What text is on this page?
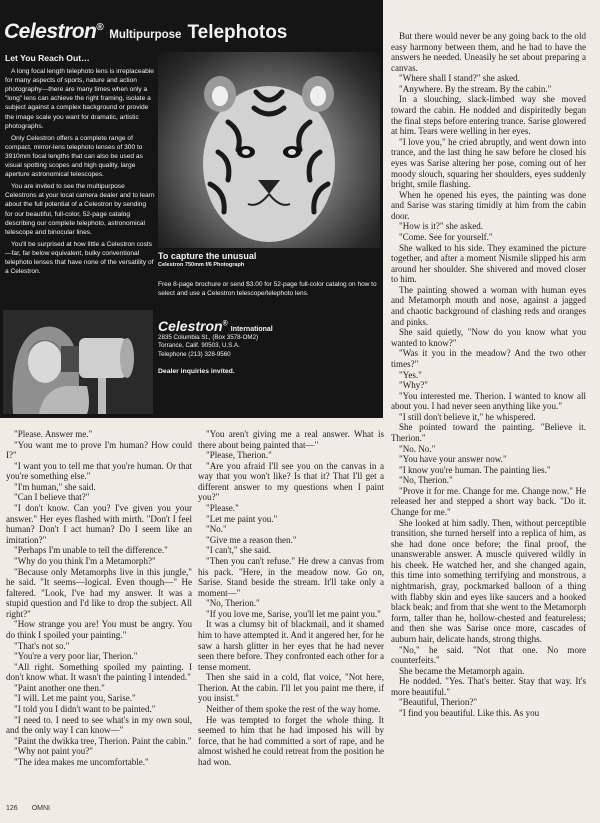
Celestron®Multipurpose Telephotos
Let You Reach Out…

A long focal length telephoto lens is irreplaceable for many aspects of sports, nature and action photography—there are many times when only a "long" lens can achieve the right framing, isolate a subject against a complex background or provide the image scale you want for dramatic, artistic photographs.

Only Celestron offers a complete range of compact, mirror-lens telephoto lenses of 300 to 3910mm focal lengths that can also be used as visual spotting scopes and high quality, large aperture astronomical telescopes.

You are invited to see the multipurpose Celestrons at your local camera dealer and to learn about the full potential of a Celestron by sending for our beautiful, full-color, 52-page catalog describing our complete telephoto, astronomical telescope and binocular lines.

You'll be surprised at how little a Celestron costs—far, far below equivalent, bulky conventional telephoto lenses that have none of the versatility of a Celestron.

To capture the unusual
Celestron 750mm f/6 Photograph
Free 8-page brochure or send $3.00 for 52-page full-color catalog on how to select and use a Celestron telescope/telephoto lens.
Celestron®International
2835 Columbia St., (Box 3578-OM2)
Torrance, Calif. 90503, U.S.A.
Telephone (213) 328-9560
Dealer inquiries invited.

But there would never be any going back to the old easy harmony between them, and he had to have the answers he needed. Uneasily he set about preparing a canvas.

"Where shall I stand?" she asked.

"Anywhere. By the stream. By the cabin."

In a slouching, slack-limbed way she moved toward the cabin. He nodded and dispiritedly began the final steps before entering trance. Sarise glowered at him. Tears were welling in her eyes.

"I love you," he cried abruptly, and went down into trance, and the last thing he saw before he closed his eyes was Sarise altering her pose, coming out of her moody slouch, squaring her shoulders, eyes suddenly bright, smile flashing.

When he opened his eyes, the painting was done and Sarise was staring timidly at him from the cabin door.

"How is it?" she asked.

"Come. See for yourself."

She walked to his side. They examined the picture together, and after a moment Nismile slipped his arm around her shoulder. She shivered and moved closer to him.

The painting showed a woman with human eyes and Metamorph mouth and nose, against a jagged and chaotic background of clashing reds and oranges and pinks.

She said quietly, "Now do you know what you wanted to know?"

"Was it you in the meadow? And the two other times?"

"Yes."

"Why?"

"You interested me. Therion. I wanted to know all about you. I had never seen anything like you."

"I still don't believe it," he whispered.

She pointed toward the painting. "Believe it. Therion."

"No. No."

"You have your answer now."

"I know you're human. The painting lies."

"No, Therion."

"Prove it for me. Change for me. Change now." He released her and stepped a short way back. "Do it. Change for me."

She looked at him sadly. Then, without perceptible transition, she turned herself into a replica of him, as she had done once before; the final proof, the unanswerable answer. A muscle quivered wildly in his cheek. He watched her, and she changed again, this time into something terrifying and monstrous, a nightmarish, gray, pockmarked balloon of a thing with flabby skin and eyes like saucers and a hooked black beak; and from that she went to the Metamorph form, taller than he, hollow-chested and featureless; and then she was Sarise once more, cascades of auburn hair, delicate hands, strong thighs.

"No," he said. "Not that one. No more counterfeits."

She became the Metamorph again.

He nodded. "Yes. That's better. Stay that way. It's more beautiful."

"Beautiful, Therion?"

"I find you beautiful. Like this. As you

"Please. Answer me."

"You want me to prove I'm human? How could I?"

"I want you to tell me that you're human. Or that you're something else."

"I'm human," she said.

"Can I believe that?"

"I don't know. Can you? I've given you your answer." Her eyes flashed with mirth. "Don't I feel human? Don't I act human? Do I seem like an imitation?"

"Perhaps I'm unable to tell the difference."

"Why do you think I'm a Metamorph?"

"Because only Metamorphs live in this jungle," he said. "It seems—logical. Even though—" He faltered. "Look, I've had my answer. It was a stupid question and I'd like to drop the subject. All right?"

"How strange you are! You must be angry. You do think I spoiled your painting."

"That's not so."

"You're a very poor liar, Therion."

"All right. Something spoiled my painting. I don't know what. It wasn't the painting I intended."

"Paint another one then."

"I will. Let me paint you, Sarise."

"I told you I didn't want to be painted."

"I need to. I need to see what's in my own soul, and the only way I can know—"

"Paint the dwikka tree, Therion. Paint the cabin."

"Why not paint you?"

"The idea makes me uncomfortable."

"You aren't giving me a real answer. What is there about being painted that—"

"Please, Therion."

"Are you afraid I'll see you on the canvas in a way that you won't like? Is that it? That I'll get a different answer to my questions when I paint you?"

"Please."

"Let me paint you."

"No."

"Give me a reason then."

"I can't," she said.

"Then you can't refuse." He drew a canvas from his pack. "Here, in the meadow now. Go on, Sarise. Stand beside the stream. It'll take only a moment—"

"No, Therion."

"If you love me, Sarise, you'll let me paint you."

It was a clumsy bit of blackmail, and it shamed him to have attempted it. And it angered her, for he saw a harsh glitter in her eyes that he had never seen there before. They confronted each other for a tense moment.

Then she said in a cold, flat voice, "Not here, Therion. At the cabin. I'll let you paint me there, if you insist."

Neither of them spoke the rest of the way home.

He was tempted to forget the whole thing. It seemed to him that he had imposed his will by force, that he had committed a sort of rape, and he almost wished he could retreat from the position he had won.

126 OMNI
